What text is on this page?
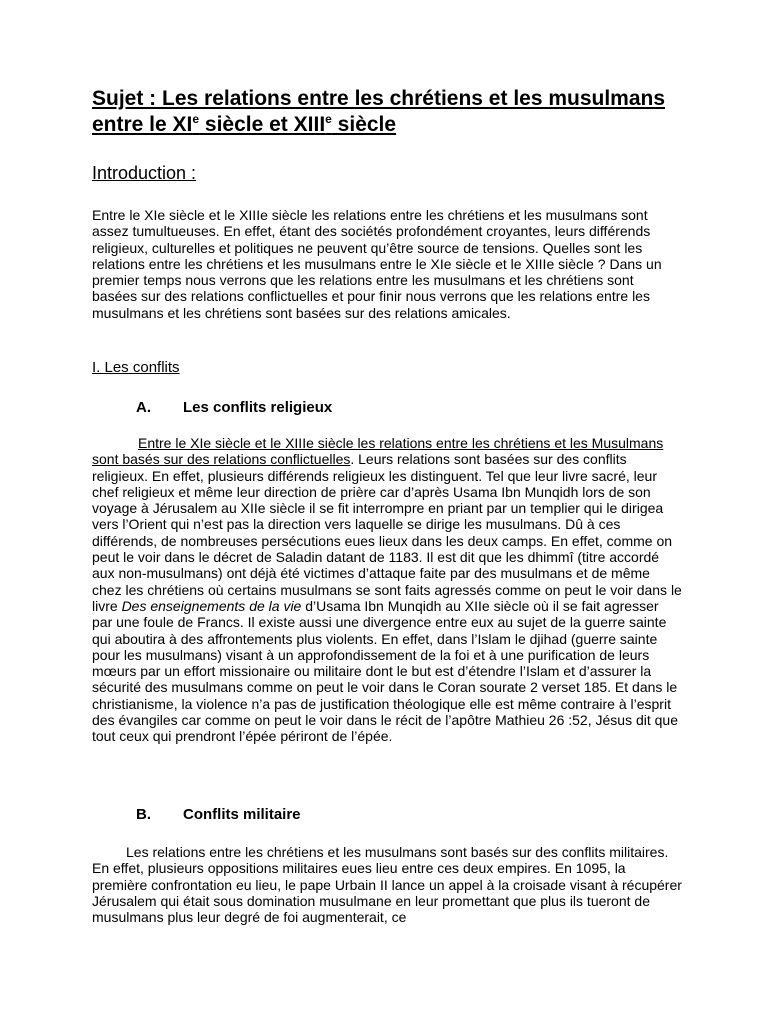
Sujet : Les relations entre les chrétiens et les musulmans entre le XIe siècle et XIIIe siècle
Introduction :
Entre le XIe siècle et le XIIIe siècle les relations entre les chrétiens et les musulmans sont assez tumultueuses. En effet, étant des sociétés profondément croyantes, leurs différends religieux, culturelles et politiques ne peuvent qu’être source de tensions. Quelles sont les relations entre les chrétiens et les musulmans entre le XIe siècle et le XIIIe siècle ? Dans un premier temps nous verrons que les relations entre les musulmans et les chrétiens sont basées sur des relations conflictuelles et pour finir nous verrons que les relations entre les musulmans et les chrétiens sont basées sur des relations amicales.
I. Les conflits
A. Les conflits religieux
Entre le XIe siècle et le XIIIe siècle les relations entre les chrétiens et les Musulmans sont basés sur des relations conflictuelles. Leurs relations sont basées sur des conflits religieux. En effet, plusieurs différends religieux les distinguent. Tel que leur livre sacré, leur chef religieux et même leur direction de prière car d’après Usama Ibn Munqidh lors de son voyage à Jérusalem au XIIe siècle il se fit interrompre en priant par un templier qui le dirigea vers l’Orient qui n’est pas la direction vers laquelle se dirige les musulmans. Dû à ces différends, de nombreuses persécutions eues lieux dans les deux camps. En effet, comme on peut le voir dans le décret de Saladin datant de 1183. Il est dit que les dhimmî (titre accordé aux non-musulmans) ont déjà été victimes d’attaque faite par des musulmans et de même chez les chrétiens où certains musulmans se sont faits agressés comme on peut le voir dans le livre Des enseignements de la vie d’Usama Ibn Munqidh au XIIe siècle où il se fait agresser par une foule de Francs. Il existe aussi une divergence entre eux au sujet de la guerre sainte qui aboutira à des affrontements plus violents. En effet, dans l’Islam le djihad (guerre sainte pour les musulmans) visant à un approfondissement de la foi et à une purification de leurs mœurs par un effort missionaire ou militaire dont le but est d’étendre l’Islam et d’assurer la sécurité des musulmans comme on peut le voir dans le Coran sourate 2 verset 185. Et dans le christianisme, la violence n’a pas de justification théologique elle est même contraire à l’esprit des évangiles car comme on peut le voir dans le récit de l’apôtre Mathieu 26 :52, Jésus dit que tout ceux qui prendront l’épée périront de l’épée.
B. Conflits militaire
Les relations entre les chrétiens et les musulmans sont basés sur des conflits militaires. En effet, plusieurs oppositions militaires eues lieu entre ces deux empires. En 1095, la première confrontation eu lieu, le pape Urbain II lance un appel à la croisade visant à récupérer Jérusalem qui était sous domination musulmane en leur promettant que plus ils tueront de musulmans plus leur degré de foi augmenterait, ce
